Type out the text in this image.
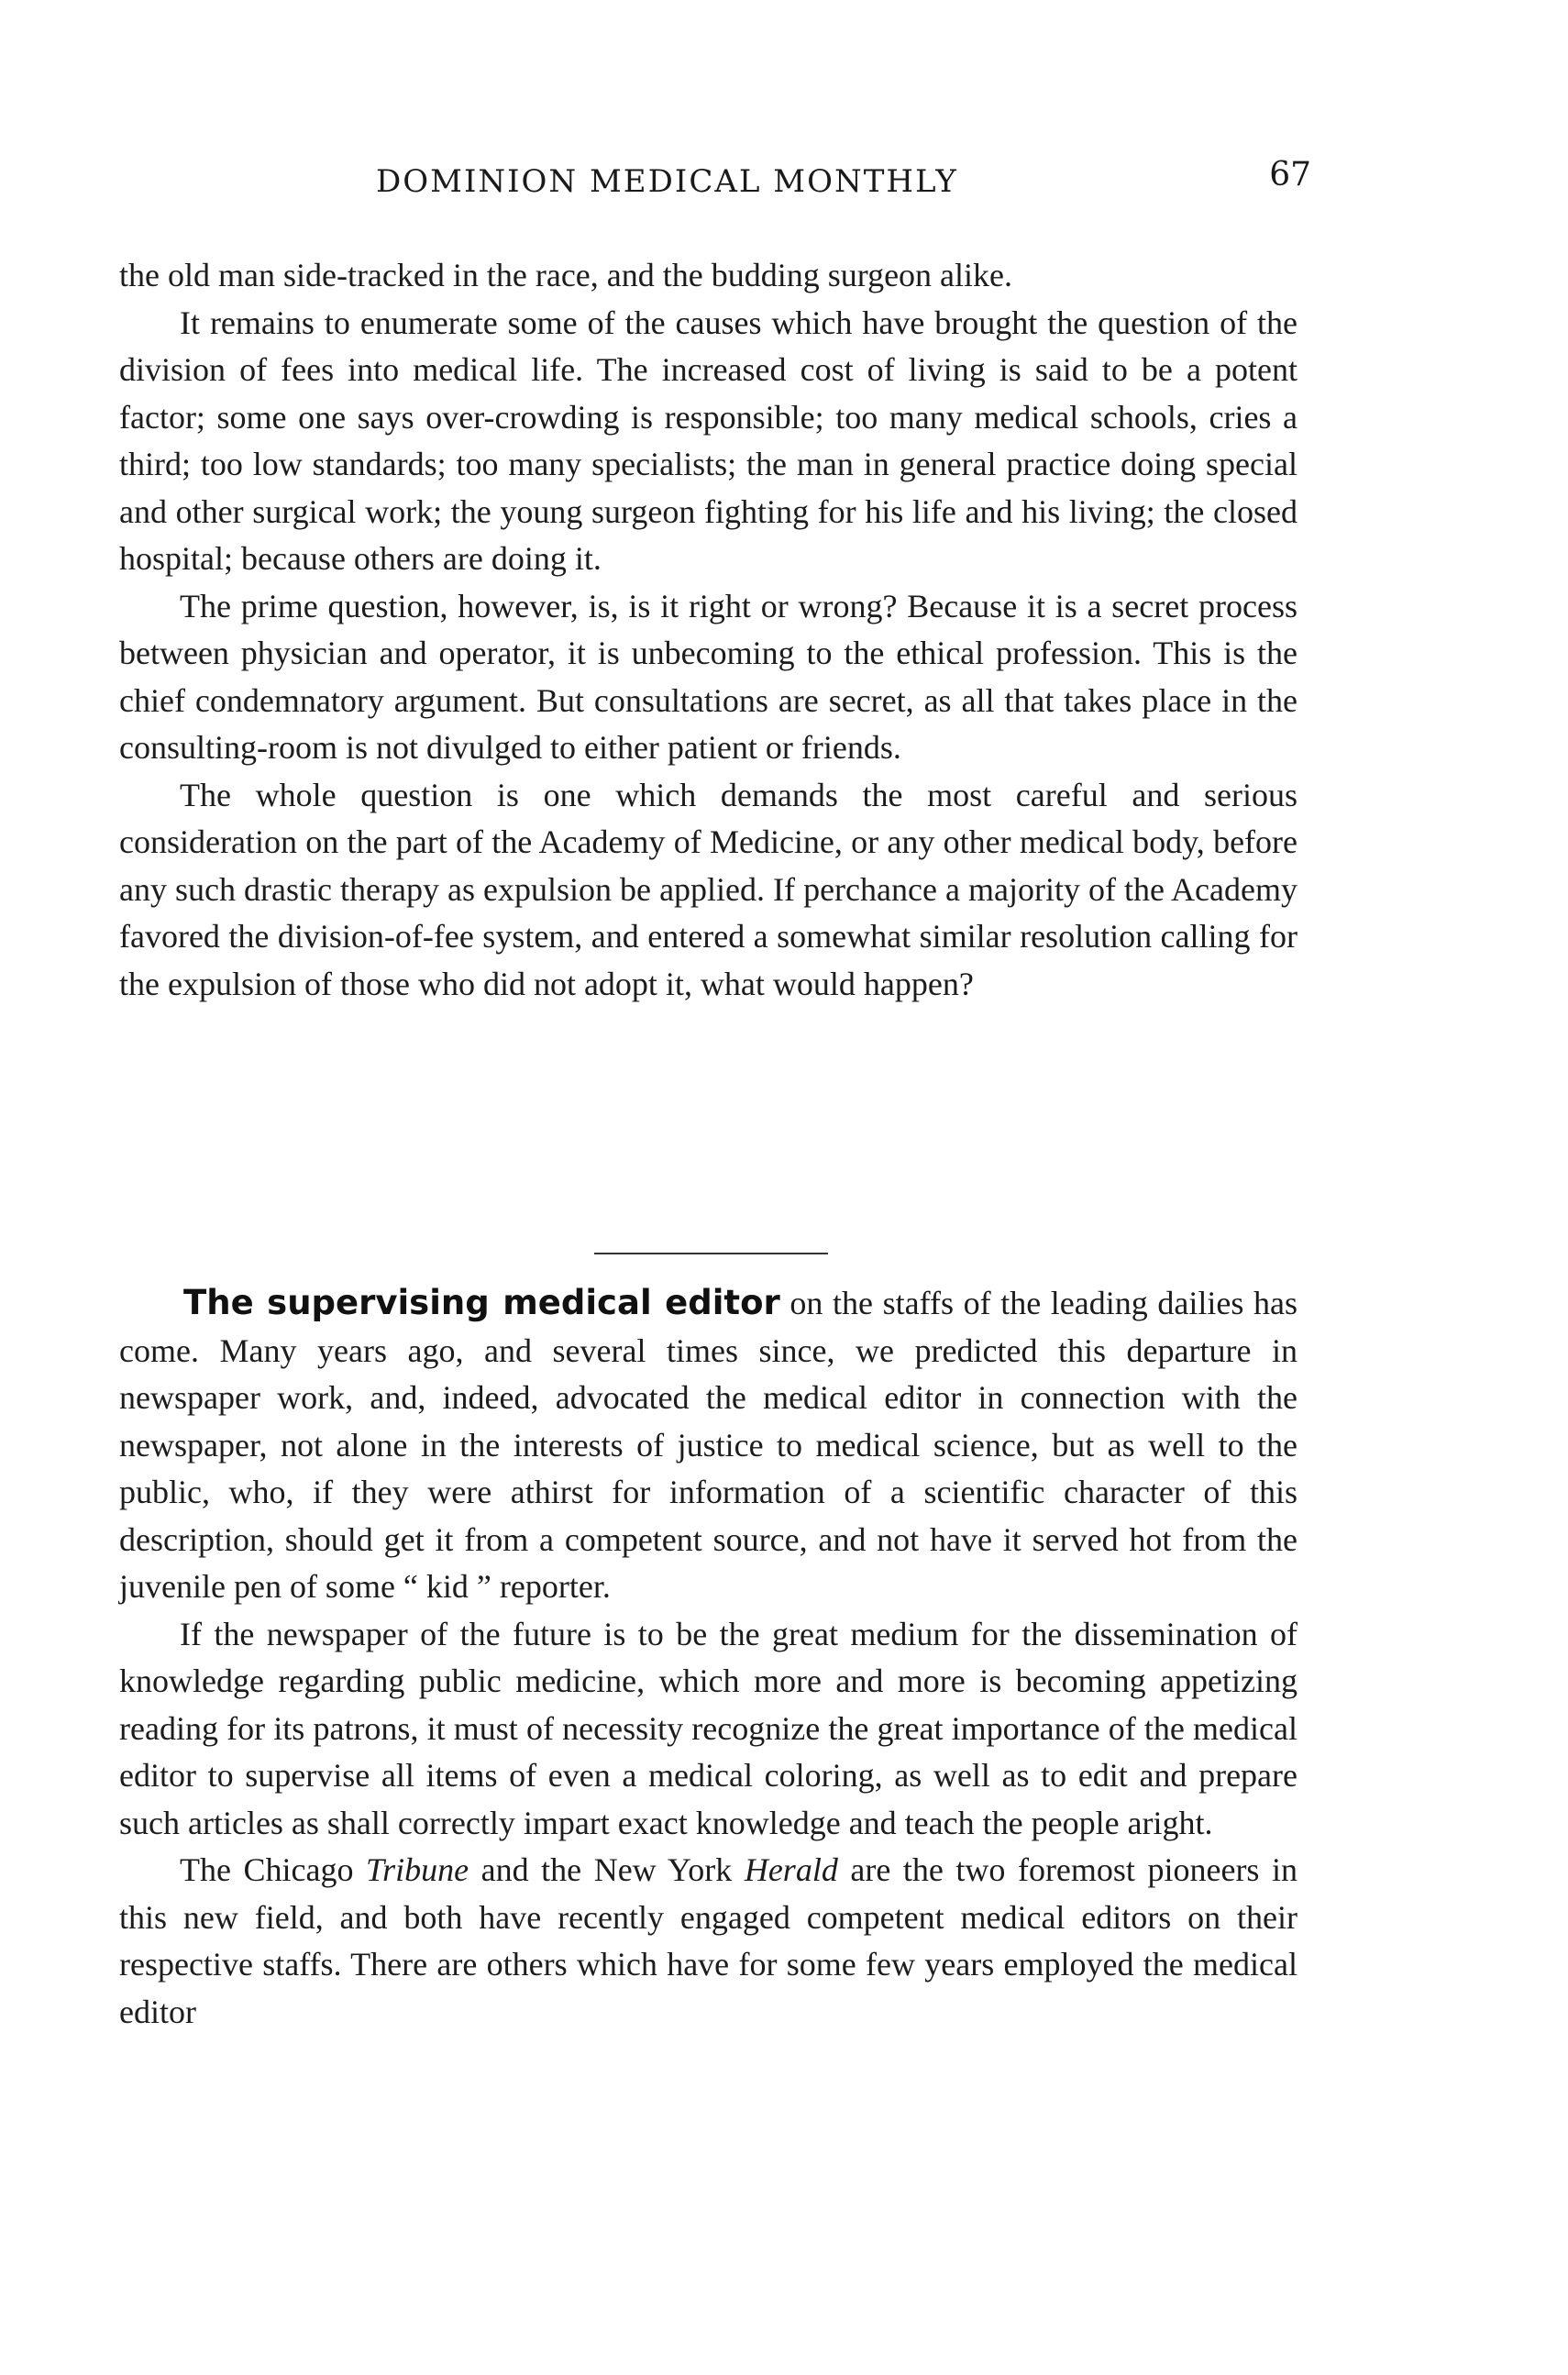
DOMINION MEDICAL MONTHLY	67

the old man side-tracked in the race, and the budding surgeon alike.

It remains to enumerate some of the causes which have brought the question of the division of fees into medical life. The increased cost of living is said to be a potent factor; some one says over-crowding is responsible; too many medical schools, cries a third; too low standards; too many specialists; the man in general practice doing special and other surgical work; the young surgeon fighting for his life and his living; the closed hospital; because others are doing it.

The prime question, however, is, is it right or wrong? Because it is a secret process between physician and operator, it is unbecoming to the ethical profession. This is the chief condemnatory argument. But consultations are secret, as all that takes place in the consulting-room is not divulged to either patient or friends.

The whole question is one which demands the most careful and serious consideration on the part of the Academy of Medicine, or any other medical body, before any such drastic therapy as expulsion be applied. If perchance a majority of the Academy favored the division-of-fee system, and entered a somewhat similar resolution calling for the expulsion of those who did not adopt it, what would happen?

The supervising medical editor on the staffs of the leading dailies has come. Many years ago, and several times since, we predicted this departure in newspaper work, and, indeed, advocated the medical editor in connection with the newspaper, not alone in the interests of justice to medical science, but as well to the public, who, if they were athirst for information of a scientific character of this description, should get it from a competent source, and not have it served hot from the juvenile pen of some “ kid ” reporter.

If the newspaper of the future is to be the great medium for the dissemination of knowledge regarding public medicine, which more and more is becoming appetizing reading for its patrons, it must of necessity recognize the great importance of the medical editor to supervise all items of even a medical coloring, as well as to edit and prepare such articles as shall correctly impart exact knowledge and teach the people aright.

The Chicago Tribune and the New York Herald are the two foremost pioneers in this new field, and both have recently engaged competent medical editors on their respective staffs. There are others which have for some few years employed the medical editor
